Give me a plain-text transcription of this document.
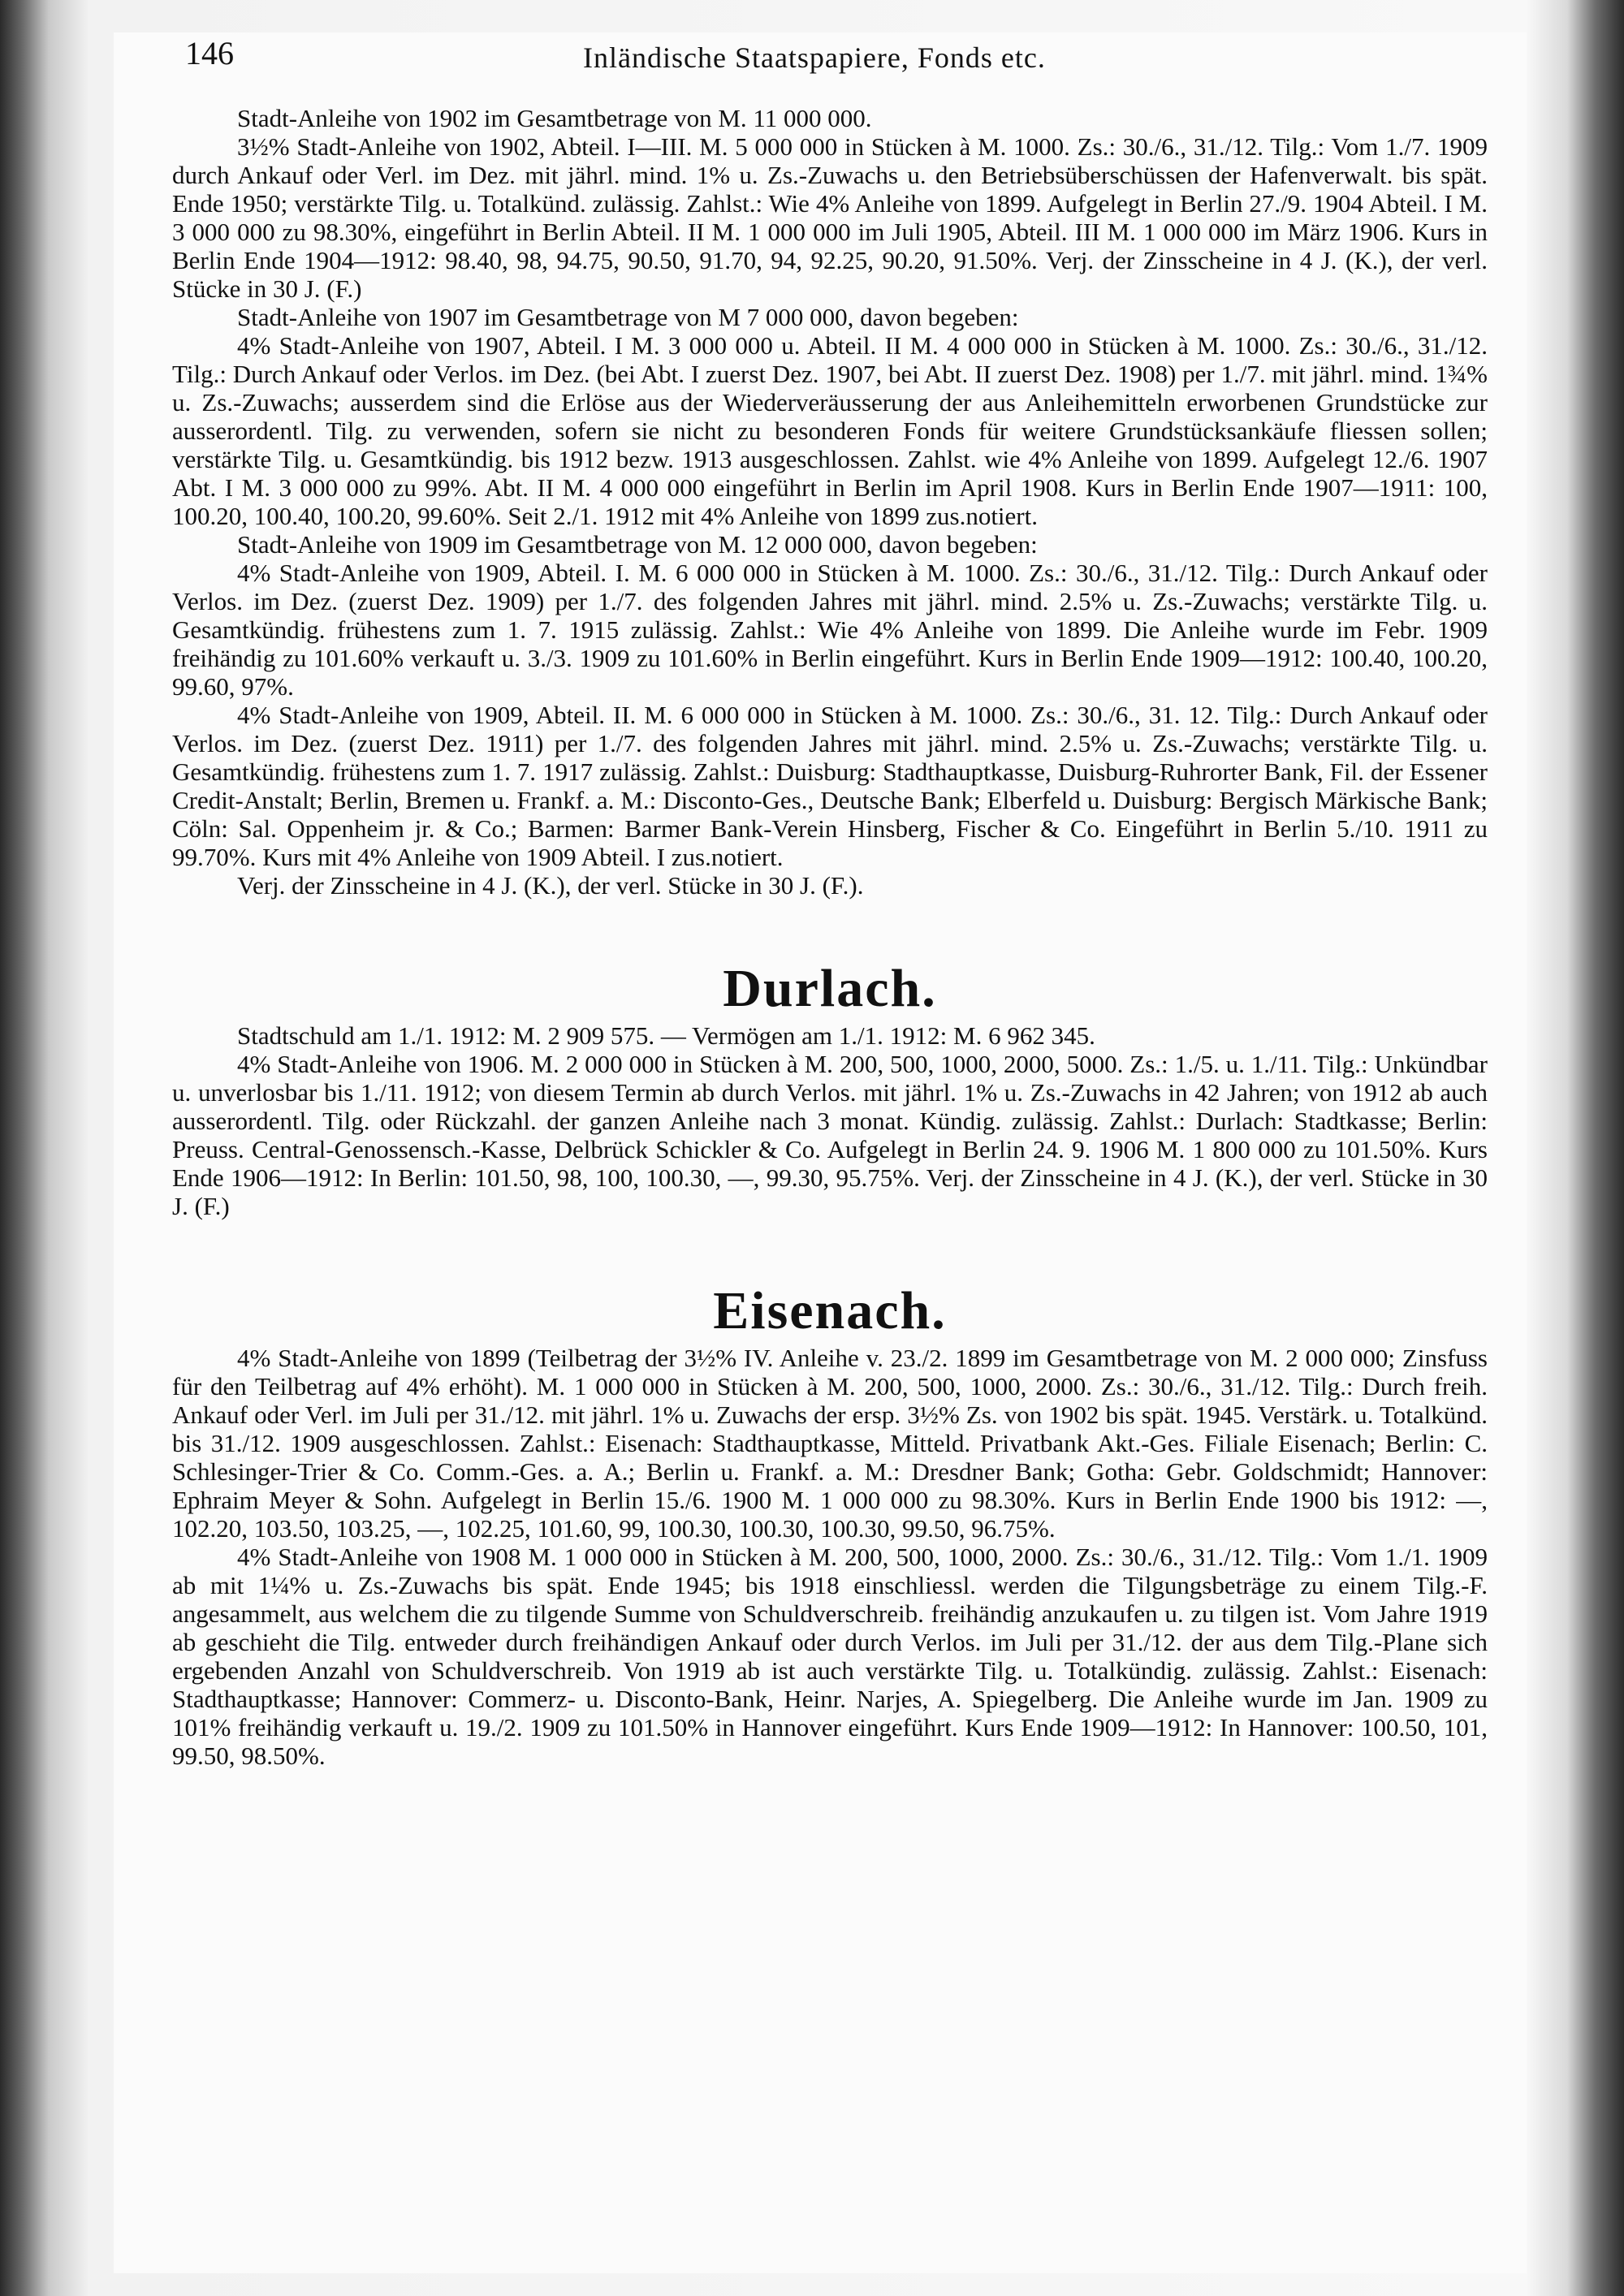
146	Inländische Staatspapiere, Fonds etc.

Stadt-Anleihe von 1902 im Gesamtbetrage von M. 11 000 000.

3½% Stadt-Anleihe von 1902, Abteil. I—III. M. 5 000 000 in Stücken à M. 1000. Zs.: 30./6., 31./12. Tilg.: Vom 1./7. 1909 durch Ankauf oder Verl. im Dez. mit jährl. mind. 1% u. Zs.-Zuwachs u. den Betriebsüberschüssen der Hafenverwalt. bis spät. Ende 1950; verstärkte Tilg. u. Totalkünd. zulässig. Zahlst.: Wie 4% Anleihe von 1899. Aufgelegt in Berlin 27./9. 1904 Abteil. I M. 3 000 000 zu 98.30%, eingeführt in Berlin Abteil. II M. 1 000 000 im Juli 1905, Abteil. III M. 1 000 000 im März 1906. Kurs in Berlin Ende 1904—1912: 98.40, 98, 94.75, 90.50, 91.70, 94, 92.25, 90.20, 91.50%. Verj. der Zinsscheine in 4 J. (K.), der verl. Stücke in 30 J. (F.)

Stadt-Anleihe von 1907 im Gesamtbetrage von M 7 000 000, davon begeben:

4% Stadt-Anleihe von 1907, Abteil. I M. 3 000 000 u. Abteil. II M. 4 000 000 in Stücken à M. 1000. Zs.: 30./6., 31./12. Tilg.: Durch Ankauf oder Verlos. im Dez. (bei Abt. I zuerst Dez. 1907, bei Abt. II zuerst Dez. 1908) per 1./7. mit jährl. mind. 1¾% u. Zs.-Zuwachs; ausserdem sind die Erlöse aus der Wiederveräusserung der aus Anleihemitteln erworbenen Grundstücke zur ausserordentl. Tilg. zu verwenden, sofern sie nicht zu besonderen Fonds für weitere Grundstücksankäufe fliessen sollen; verstärkte Tilg. u. Gesamtkündig. bis 1912 bezw. 1913 ausgeschlossen. Zahlst. wie 4% Anleihe von 1899. Aufgelegt 12./6. 1907 Abt. I M. 3 000 000 zu 99%. Abt. II M. 4 000 000 eingeführt in Berlin im April 1908. Kurs in Berlin Ende 1907—1911: 100, 100.20, 100.40, 100.20, 99.60%. Seit 2./1. 1912 mit 4% Anleihe von 1899 zus.notiert.

Stadt-Anleihe von 1909 im Gesamtbetrage von M. 12 000 000, davon begeben:

4% Stadt-Anleihe von 1909, Abteil. I. M. 6 000 000 in Stücken à M. 1000. Zs.: 30./6., 31./12. Tilg.: Durch Ankauf oder Verlos. im Dez. (zuerst Dez. 1909) per 1./7. des folgenden Jahres mit jährl. mind. 2.5% u. Zs.-Zuwachs; verstärkte Tilg. u. Gesamtkündig. frühestens zum 1. 7. 1915 zulässig. Zahlst.: Wie 4% Anleihe von 1899. Die Anleihe wurde im Febr. 1909 freihändig zu 101.60% verkauft u. 3./3. 1909 zu 101.60% in Berlin eingeführt. Kurs in Berlin Ende 1909—1912: 100.40, 100.20, 99.60, 97%.

4% Stadt-Anleihe von 1909, Abteil. II. M. 6 000 000 in Stücken à M. 1000. Zs.: 30./6., 31. 12. Tilg.: Durch Ankauf oder Verlos. im Dez. (zuerst Dez. 1911) per 1./7. des folgenden Jahres mit jährl. mind. 2.5% u. Zs.-Zuwachs; verstärkte Tilg. u. Gesamtkündig. frühestens zum 1. 7. 1917 zulässig. Zahlst.: Duisburg: Stadthauptkasse, Duisburg-Ruhrorter Bank, Fil. der Essener Credit-Anstalt; Berlin, Bremen u. Frankf. a. M.: Disconto-Ges., Deutsche Bank; Elberfeld u. Duisburg: Bergisch Märkische Bank; Cöln: Sal. Oppenheim jr. & Co.; Barmen: Barmer Bank-Verein Hinsberg, Fischer & Co. Eingeführt in Berlin 5./10. 1911 zu 99.70%. Kurs mit 4% Anleihe von 1909 Abteil. I zus.notiert.

Verj. der Zinsscheine in 4 J. (K.), der verl. Stücke in 30 J. (F.).

Durlach.

Stadtschuld am 1./1. 1912: M. 2 909 575. — Vermögen am 1./1. 1912: M. 6 962 345.

4% Stadt-Anleihe von 1906. M. 2 000 000 in Stücken à M. 200, 500, 1000, 2000, 5000. Zs.: 1./5. u. 1./11. Tilg.: Unkündbar u. unverlosbar bis 1./11. 1912; von diesem Termin ab durch Verlos. mit jährl. 1% u. Zs.-Zuwachs in 42 Jahren; von 1912 ab auch ausserordentl. Tilg. oder Rückzahl. der ganzen Anleihe nach 3 monat. Kündig. zulässig. Zahlst.: Durlach: Stadtkasse; Berlin: Preuss. Central-Genossensch.-Kasse, Delbrück Schickler & Co. Aufgelegt in Berlin 24. 9. 1906 M. 1 800 000 zu 101.50%. Kurs Ende 1906—1912: In Berlin: 101.50, 98, 100, 100.30, —, 99.30, 95.75%. Verj. der Zinsscheine in 4 J. (K.), der verl. Stücke in 30 J. (F.)

Eisenach.

4% Stadt-Anleihe von 1899 (Teilbetrag der 3½% IV. Anleihe v. 23./2. 1899 im Gesamtbetrage von M. 2 000 000; Zinsfuss für den Teilbetrag auf 4% erhöht). M. 1 000 000 in Stücken à M. 200, 500, 1000, 2000. Zs.: 30./6., 31./12. Tilg.: Durch freih. Ankauf oder Verl. im Juli per 31./12. mit jährl. 1% u. Zuwachs der ersp. 3½% Zs. von 1902 bis spät. 1945. Verstärk. u. Totalkünd. bis 31./12. 1909 ausgeschlossen. Zahlst.: Eisenach: Stadthauptkasse, Mitteld. Privatbank Akt.-Ges. Filiale Eisenach; Berlin: C. Schlesinger-Trier & Co. Comm.-Ges. a. A.; Berlin u. Frankf. a. M.: Dresdner Bank; Gotha: Gebr. Goldschmidt; Hannover: Ephraim Meyer & Sohn. Aufgelegt in Berlin 15./6. 1900 M. 1 000 000 zu 98.30%. Kurs in Berlin Ende 1900 bis 1912: —, 102.20, 103.50, 103.25, —, 102.25, 101.60, 99, 100.30, 100.30, 100.30, 99.50, 96.75%.

4% Stadt-Anleihe von 1908 M. 1 000 000 in Stücken à M. 200, 500, 1000, 2000. Zs.: 30./6., 31./12. Tilg.: Vom 1./1. 1909 ab mit 1¼% u. Zs.-Zuwachs bis spät. Ende 1945; bis 1918 einschliessl. werden die Tilgungsbeträge zu einem Tilg.-F. angesammelt, aus welchem die zu tilgende Summe von Schuldverschreib. freihändig anzukaufen u. zu tilgen ist. Vom Jahre 1919 ab geschieht die Tilg. entweder durch freihändigen Ankauf oder durch Verlos. im Juli per 31./12. der aus dem Tilg.-Plane sich ergebenden Anzahl von Schuldverschreib. Von 1919 ab ist auch verstärkte Tilg. u. Totalkündig. zulässig. Zahlst.: Eisenach: Stadthauptkasse; Hannover: Commerz- u. Disconto-Bank, Heinr. Narjes, A. Spiegelberg. Die Anleihe wurde im Jan. 1909 zu 101% freihändig verkauft u. 19./2. 1909 zu 101.50% in Hannover eingeführt. Kurs Ende 1909—1912: In Hannover: 100.50, 101, 99.50, 98.50%.
